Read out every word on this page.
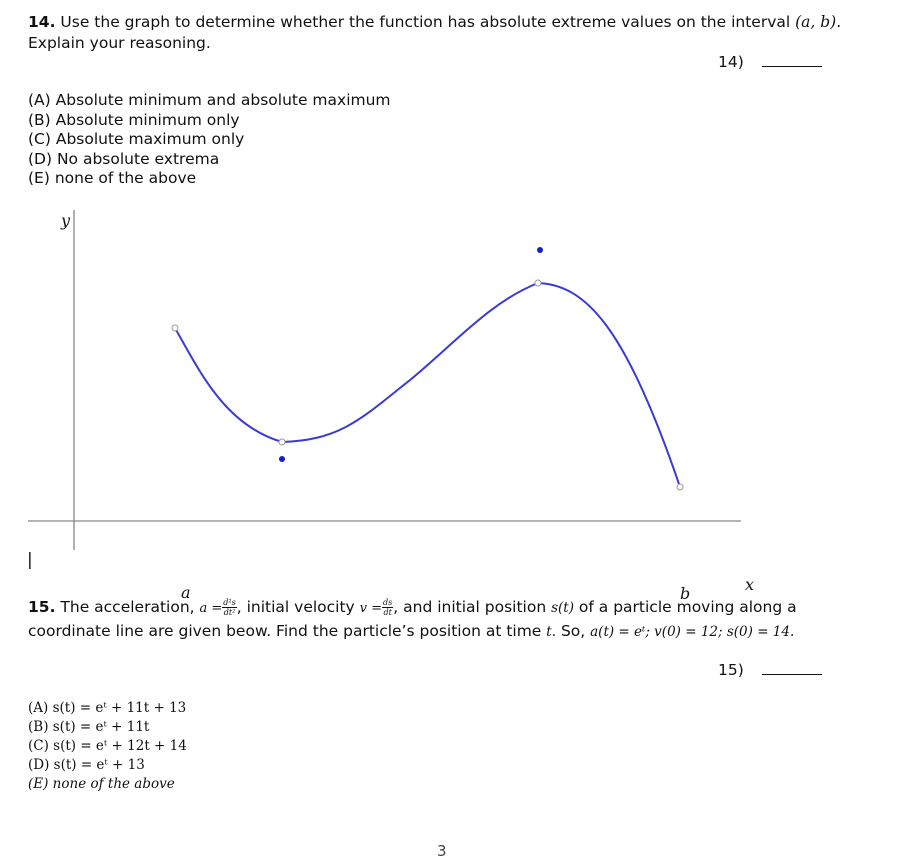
14. Use the graph to determine whether the function has absolute extreme values on the interval (a, b).
Explain your reasoning.
14)
(A) Absolute minimum and absolute maximum
(B) Absolute minimum only
(C) Absolute maximum only
(D) No absolute extrema
(E) none of the above
y
x
a	b
|
15. The acceleration, $a = \frac{\text{d²s}}{\text{dt²}}$ , initial velocity $v = \frac{ds}{dt}$ , and initial position s(t) of a particle moving along a
coordinate line are given beow. Find the particle’s position at time t. So, a(t) = eᵗ; v(0) = 12; s(0) = 14.
15)
(A) s(t) = eᵗ + 11t + 13
(B) s(t) = eᵗ + 11t
(C) s(t) = eᵗ + 12t + 14
(D) s(t) = eᵗ + 13
(E) none of the above
3
